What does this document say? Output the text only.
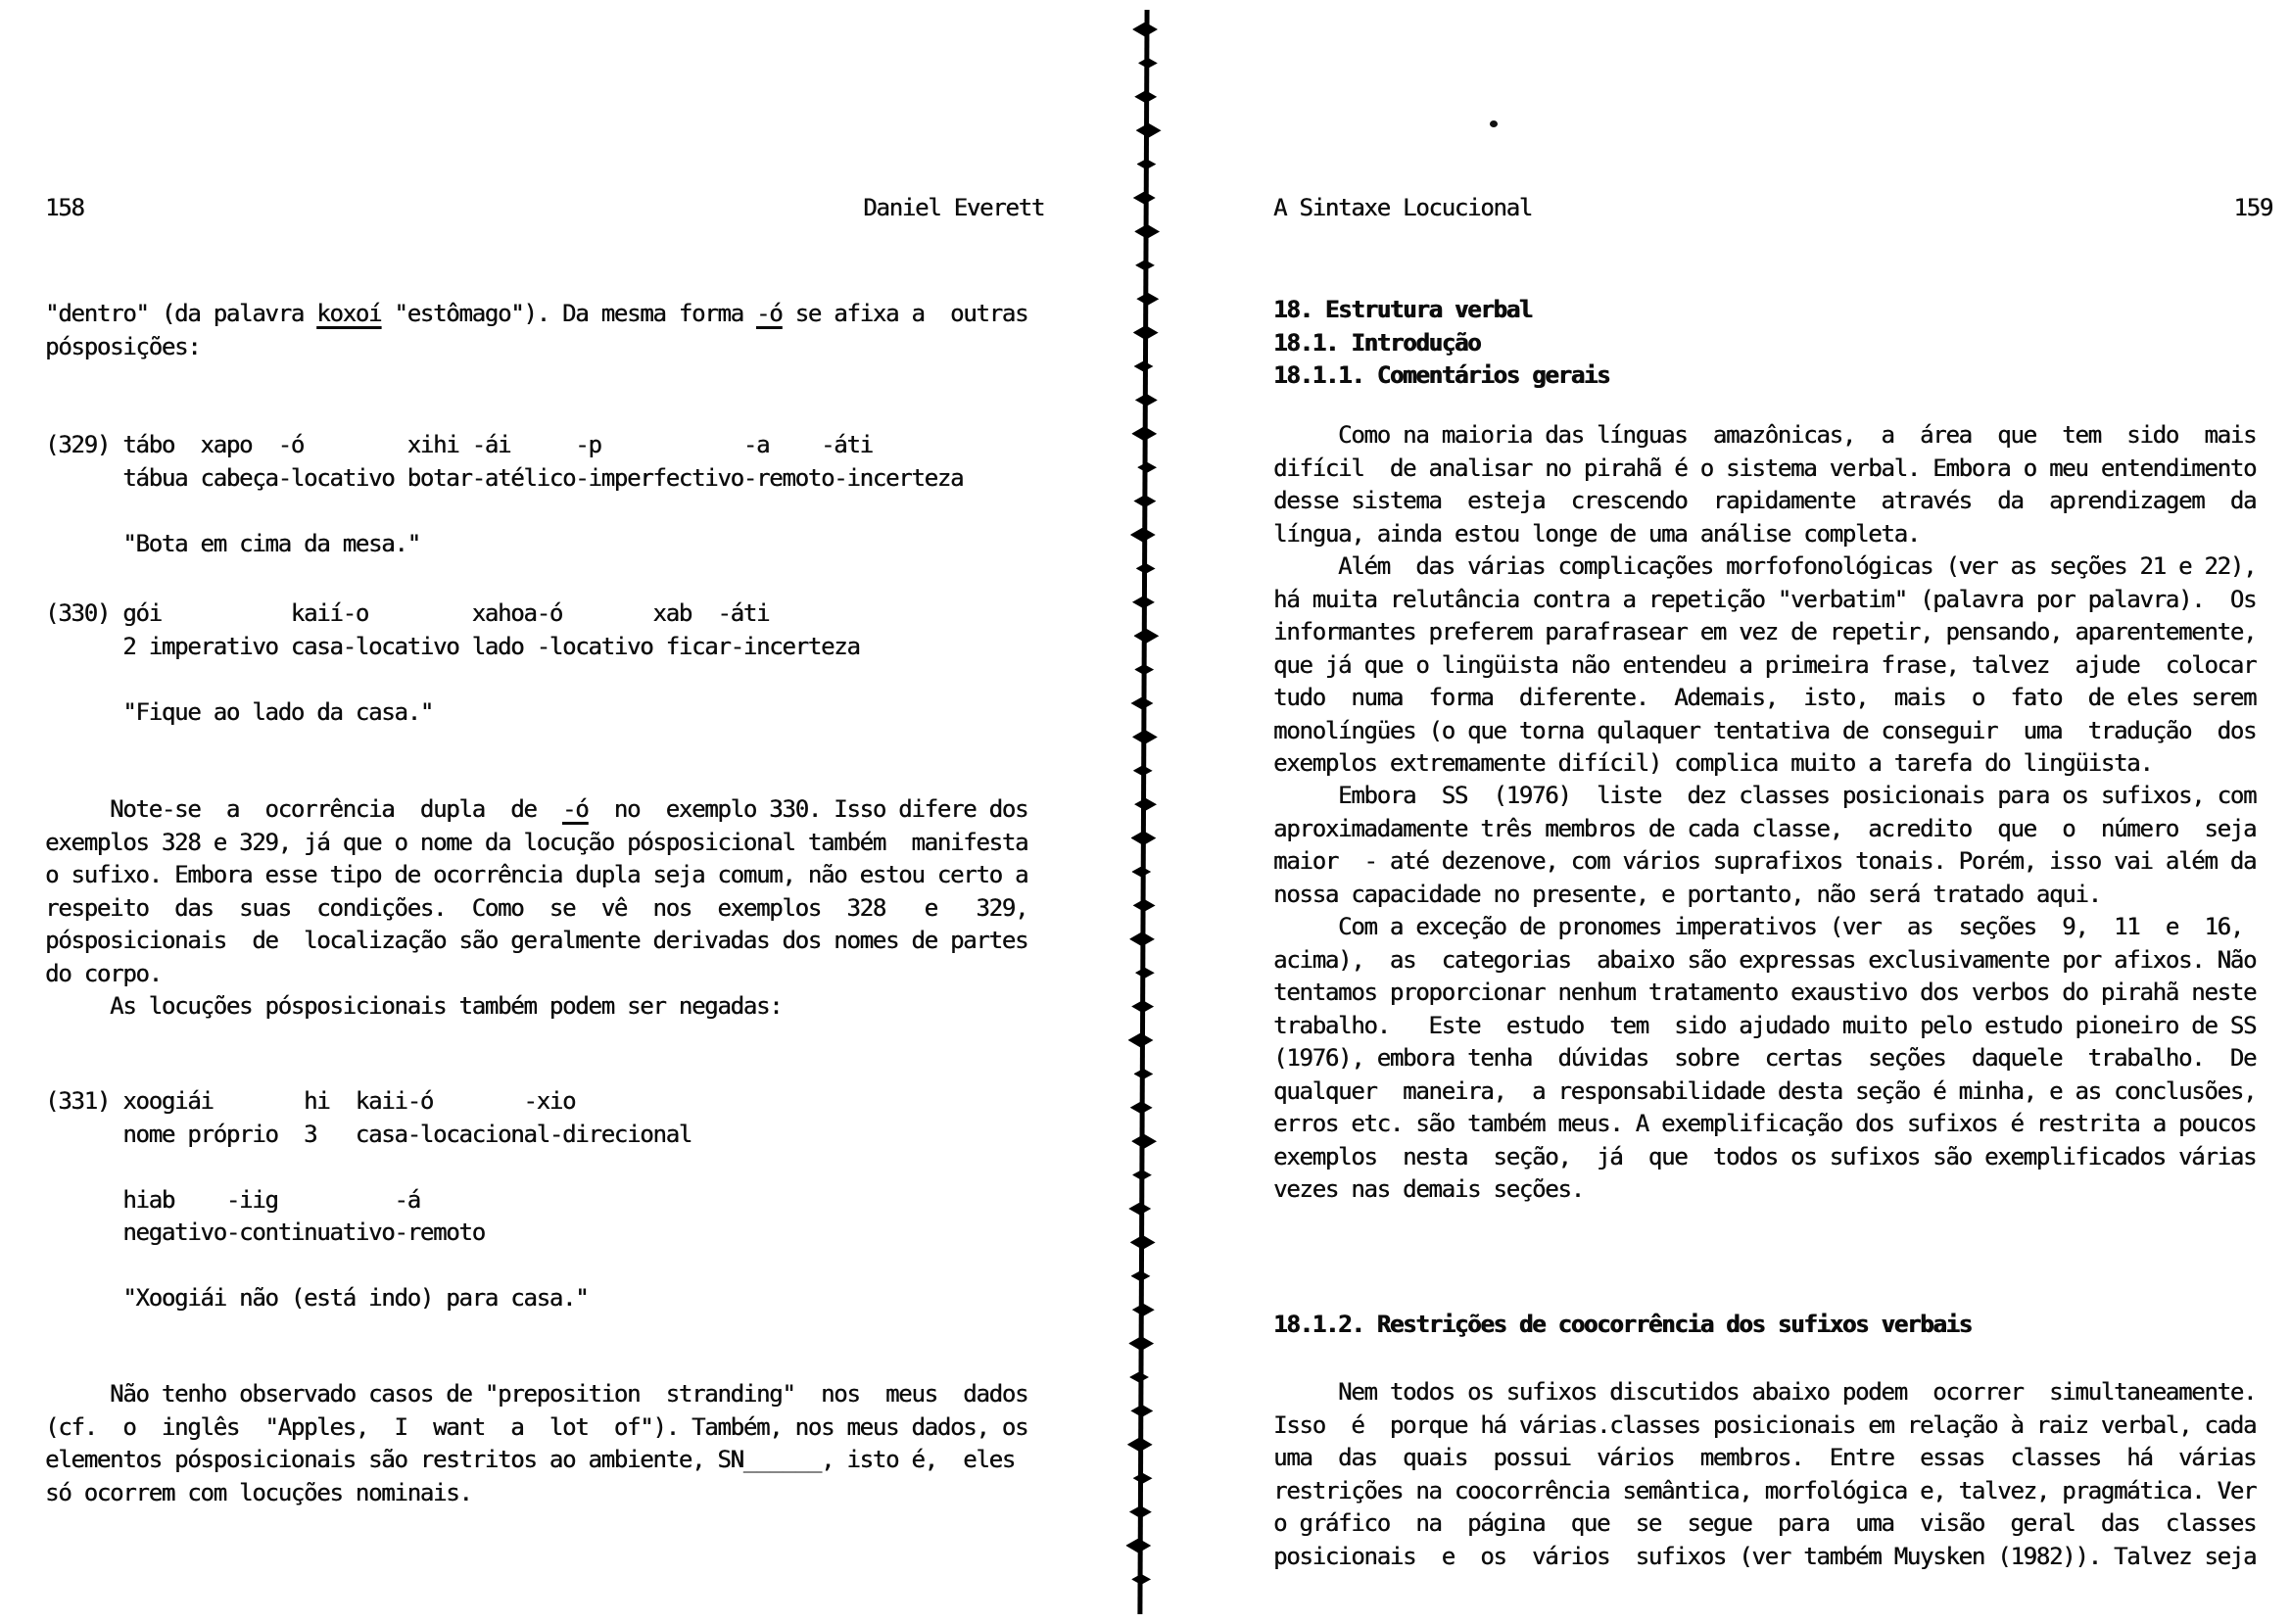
158	Daniel Everett
"dentro" (da palavra koxoí "estômago"). Da mesma forma -ó se afixa a  outras
pósposições:
(329) tábo  xapo  -ó        xihi -ái     -p           -a    -áti
tábua cabeça-locativo botar-atélico-imperfectivo-remoto-incerteza

"Bota em cima da mesa."
(330) gói          kaií-o        xahoa-ó       xab  -áti
2 imperativo casa-locativo lado -locativo ficar-incerteza

"Fique ao lado da casa."
Note-se  a  ocorrência  dupla  de  -ó  no  exemplo 330. Isso difere dos
exemplos 328 e 329, já que o nome da locução pósposicional também  manifesta
o sufixo. Embora esse tipo de ocorrência dupla seja comum, não estou certo a
respeito  das  suas  condições.  Como  se  vê  nos  exemplos  328   e   329,
pósposicionais  de  localização são geralmente derivadas dos nomes de partes
do corpo.
As locuções pósposicionais também podem ser negadas:
(331) xoogiái       hi  kaii-ó       -xio
nome próprio  3   casa-locacional-direcional

hiab    -iig         -á
negativo-continuativo-remoto

"Xoogiái não (está indo) para casa."
Não tenho observado casos de "preposition  stranding"  nos  meus  dados
(cf.  o  inglês  "Apples,  I  want  a  lot  of"). Também, nos meus dados, os
elementos pósposicionais são restritos ao ambiente, SN______, isto é,  eles
só ocorrem com locuções nominais.
A Sintaxe Locucional	159
18. Estrutura verbal
18.1. Introdução
18.1.1. Comentários gerais
Como na maioria das línguas  amazônicas,  a  área  que  tem  sido  mais
difícil  de analisar no pirahã é o sistema verbal. Embora o meu entendimento
desse sistema  esteja  crescendo  rapidamente  através  da  aprendizagem  da
língua, ainda estou longe de uma análise completa.
Além  das várias complicações morfofonológicas (ver as seções 21 e 22),
há muita relutância contra a repetição "verbatim" (palavra por palavra).  Os
informantes preferem parafrasear em vez de repetir, pensando, aparentemente,
que já que o lingüista não entendeu a primeira frase, talvez  ajude  colocar
tudo  numa  forma  diferente.  Ademais,  isto,  mais  o  fato  de eles serem
monolíngües (o que torna qulaquer tentativa de conseguir  uma  tradução  dos
exemplos extremamente difícil) complica muito a tarefa do lingüista.
Embora  SS  (1976)  liste  dez classes posicionais para os sufixos, com
aproximadamente três membros de cada classe,  acredito  que  o  número  seja
maior  - até dezenove, com vários suprafixos tonais. Porém, isso vai além da
nossa capacidade no presente, e portanto, não será tratado aqui.
Com a exceção de pronomes imperativos (ver  as  seções  9,  11  e  16,
acima),  as  categorias  abaixo são expressas exclusivamente por afixos. Não
tentamos proporcionar nenhum tratamento exaustivo dos verbos do pirahã neste
trabalho.   Este  estudo  tem  sido ajudado muito pelo estudo pioneiro de SS
(1976), embora tenha  dúvidas  sobre  certas  seções  daquele  trabalho.  De
qualquer  maneira,  a responsabilidade desta seção é minha, e as conclusões,
erros etc. são também meus. A exemplificação dos sufixos é restrita a poucos
exemplos  nesta  seção,  já  que  todos os sufixos são exemplificados várias
vezes nas demais seções.
18.1.2. Restrições de coocorrência dos sufixos verbais
Nem todos os sufixos discutidos abaixo podem  ocorrer  simultaneamente.
Isso  é  porque há várias.classes posicionais em relação à raiz verbal, cada
uma  das  quais  possui  vários  membros.  Entre  essas  classes  há  várias
restrições na coocorrência semântica, morfológica e, talvez, pragmática. Ver
o gráfico  na  página  que  se  segue  para  uma  visão  geral  das  classes
posicionais  e  os  vários  sufixos (ver também Muysken (1982)). Talvez seja
